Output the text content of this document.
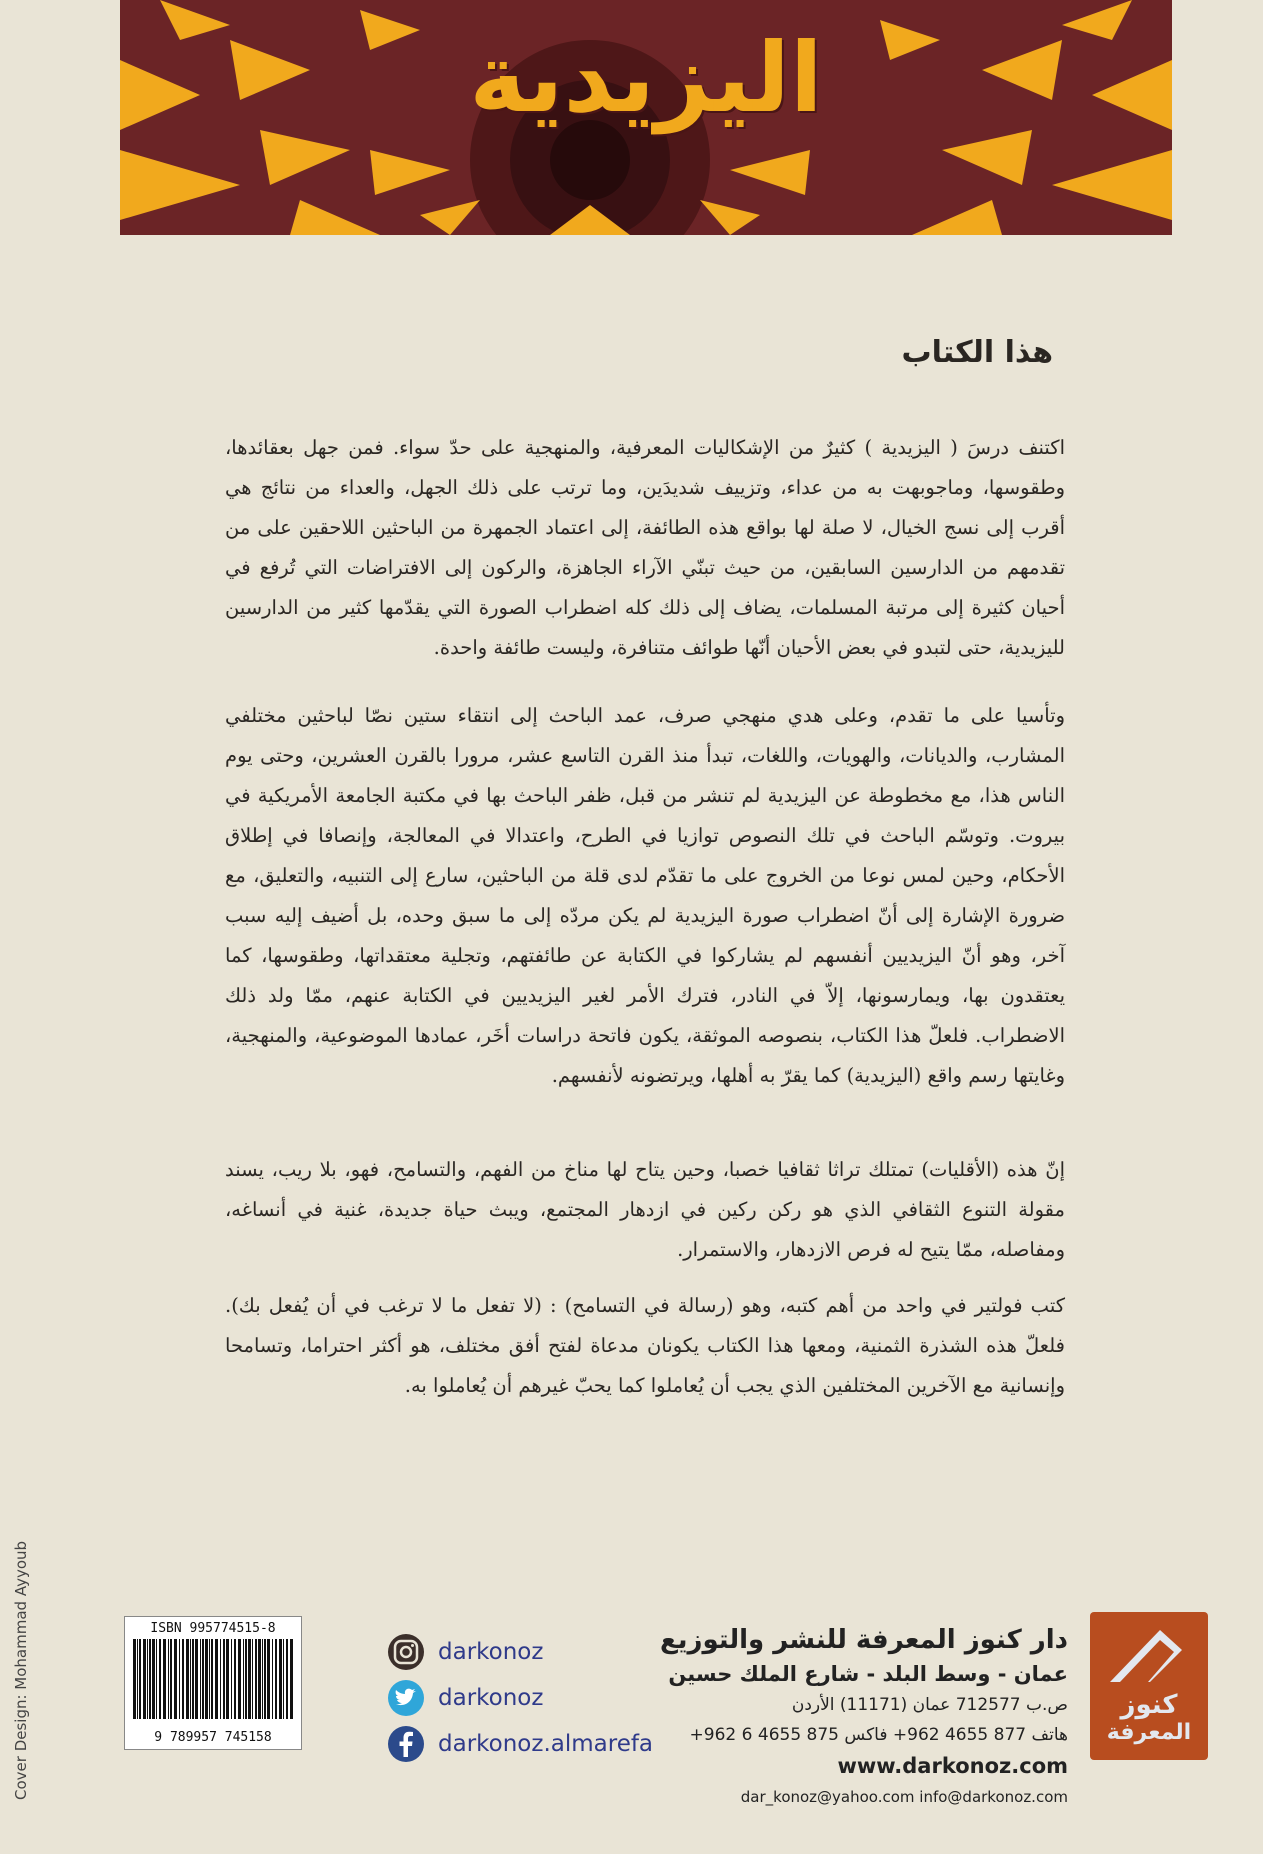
اليزيدية
هذا الكتاب
اكتنف درسَ ( اليزيدية ) كثيرٌ من الإشكاليات المعرفية، والمنهجية على حدّ سواء. فمن جهل بعقائدها، وطقوسها، وماجوبهت به من عداء، وتزييف شديدَين، وما ترتب على ذلك الجهل، والعداء من نتائج هي أقرب إلى نسج الخيال، لا صلة لها بواقع هذه الطائفة، إلى اعتماد الجمهرة من الباحثين اللاحقين على من تقدمهم من الدارسين السابقين، من حيث تبنّي الآراء الجاهزة، والركون إلى الافتراضات التي تُرفع في أحيان كثيرة إلى مرتبة المسلمات، يضاف إلى ذلك كله اضطراب الصورة التي يقدّمها كثير من الدارسين لليزيدية، حتى لتبدو في بعض الأحيان أنّها طوائف متنافرة، وليست طائفة واحدة.
وتأسيا على ما تقدم، وعلى هدي منهجي صرف، عمد الباحث إلى انتقاء ستين نصّا لباحثين مختلفي المشارب، والديانات، والهويات، واللغات، تبدأ منذ القرن التاسع عشر، مرورا بالقرن العشرين، وحتى يوم الناس هذا، مع مخطوطة عن اليزيدية لم تنشر من قبل، ظفر الباحث بها في مكتبة الجامعة الأمريكية في بيروت. وتوسّم الباحث في تلك النصوص توازيا في الطرح، واعتدالا في المعالجة، وإنصافا في إطلاق الأحكام، وحين لمس نوعا من الخروج على ما تقدّم لدى قلة من الباحثين، سارع إلى التنبيه، والتعليق، مع ضرورة الإشارة إلى أنّ اضطراب صورة اليزيدية لم يكن مردّه إلى ما سبق وحده، بل أضيف إليه سبب آخر، وهو أنّ اليزيديين أنفسهم لم يشاركوا في الكتابة عن طائفتهم، وتجلية معتقداتها، وطقوسها، كما يعتقدون بها، ويمارسونها، إلاّ في النادر، فترك الأمر لغير اليزيديين في الكتابة عنهم، ممّا ولد ذلك الاضطراب. فلعلّ هذا الكتاب، بنصوصه الموثقة، يكون فاتحة دراسات أخَر، عمادها الموضوعية، والمنهجية، وغايتها رسم واقع (اليزيدية) كما يقرّ به أهلها، ويرتضونه لأنفسهم.
إنّ هذه (الأقليات) تمتلك تراثا ثقافيا خصبا، وحين يتاح لها مناخ من الفهم، والتسامح، فهو، بلا ريب، يسند مقولة التنوع الثقافي الذي هو ركن ركين في ازدهار المجتمع، ويبث حياة جديدة، غنية في أنساغه، ومفاصله، ممّا يتيح له فرص الازدهار، والاستمرار.
كتب فولتير في واحد من أهم كتبه، وهو (رسالة في التسامح) : (لا تفعل ما لا ترغب في أن يُفعل بك). فلعلّ هذه الشذرة الثمنية، ومعها هذا الكتاب يكونان مدعاة لفتح أفق مختلف، هو أكثر احتراما، وتسامحا وإنسانية مع الآخرين المختلفين الذي يجب أن يُعاملوا كما يحبّ غيرهم أن يُعاملوا به.
Cover Design: Mohammad Ayyoub	ISBN 995774515-8
9 789957 745158
darkonoz
darkonoz
darkonoz.almarefa
دار كنوز المعرفة للنشر والتوزيع
عمان - وسط البلد - شارع الملك حسين
ص.ب 712577 عمان (11171) الأردن
هاتف 877 4655 962+ فاكس 875 4655 6 962+
www.darkonoz.com
dar_konoz@yahoo.com info@darkonoz.com
كنوز
المعرفة
